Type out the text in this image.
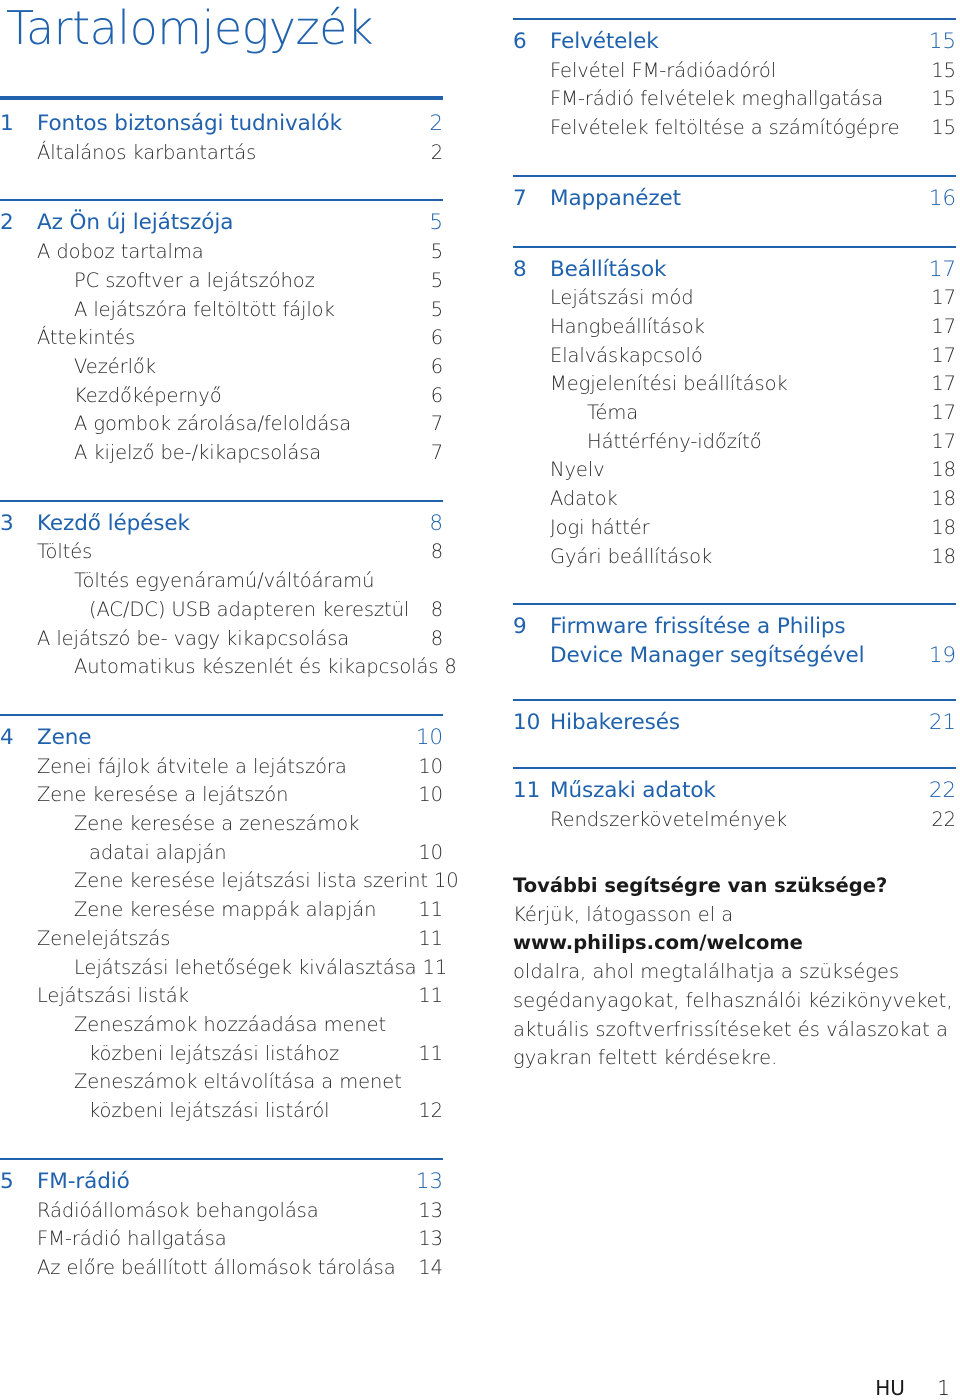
Tartalomjegyzék
1 Fontos biztonsági tudnivalók	2
Általános karbantartás	2
2 Az Ön új lejátszója	5
A doboz tartalma	5
PC szoftver a lejátszóhoz	5
A lejátszóra feltöltött fájlok	5
Áttekintés	6
Vezérlők	6
Kezdőképernyő	6
A gombok zárolása/feloldása	7
A kijelző be-/kikapcsolása	7
3 Kezdő lépések	8
Töltés	8
Töltés egyenáramú/váltóáramú
(AC/DC) USB adapteren keresztül	8
A lejátszó be- vagy kikapcsolása	8
Automatikus készenlét és kikapcsolás 8
4 Zene	10
Zenei fájlok átvitele a lejátszóra	10
Zene keresése a lejátszón	10
Zene keresése a zeneszámok
adatai alapján	10
Zene keresése lejátszási lista szerint 10
Zene keresése mappák alapján	11
Zenelejátszás	11
Lejátszási lehetőségek kiválasztása 11
Lejátszási listák	11
Zeneszámok hozzáadása menet
közbeni lejátszási listához	11
Zeneszámok eltávolítása a menet
közbeni lejátszási listáról	12
5 FM-rádió	13
Rádióállomások behangolása	13
FM-rádió hallgatása	13
Az előre beállított állomások tárolása	14
6 Felvételek	15
Felvétel FM-rádióadóról	15
FM-rádió felvételek meghallgatása	15
Felvételek feltöltése a számítógépre	15
7 Mappanézet	16
8 Beállítások	17
Lejátszási mód	17
Hangbeállítások	17
Elalváskapcsoló	17
Megjelenítési beállítások	17
Téma	17
Háttérfény-időzítő	17
Nyelv	18
Adatok	18
Jogi háttér	18
Gyári beállítások	18
9 Firmware frissítése a Philips
Device Manager segítségével	19
10 Hibakeresés	21
11 Műszaki adatok	22
Rendszerkövetelmények	22
További segítségre van szüksége?
Kérjük, látogasson el a
www.philips.com/welcome
oldalra, ahol megtalálhatja a szükséges
segédanyagokat, felhasználói kézikönyveket,
aktuális szoftverfrissítéseket és válaszokat a
gyakran feltett kérdésekre.
HU 1
